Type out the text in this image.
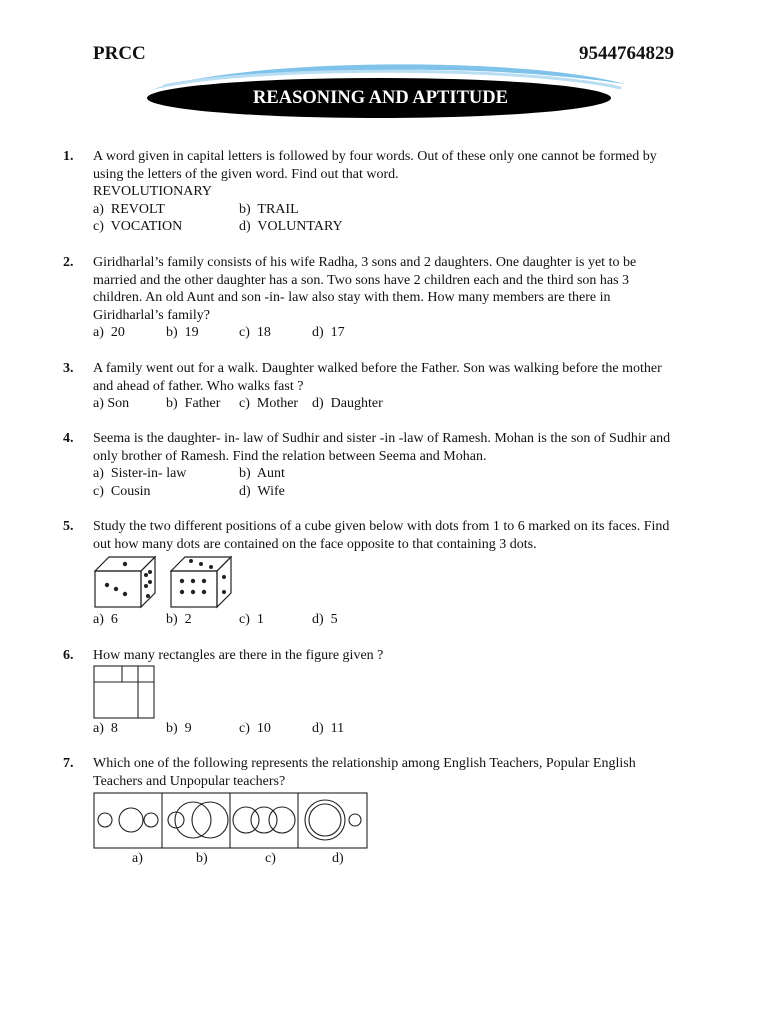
PRCC	9544764829
REASONING AND APTITUDE
1. A word given in capital letters is followed by four words. Out of these only one cannot be formed by

using the letters of the given word. Find out that word.

REVOLUTIONARY

a)  REVOLT	b)  TRAIL
c)  VOCATION	d)  VOLUNTARY
2. Giridharlal’s family consists of his wife Radha, 3 sons and 2 daughters. One daughter is yet to be

married and the other daughter has a son. Two sons have 2 children each and the third son has 3

children. An old Aunt and son -in- law also stay with them. How many members are there in

Giridharlal’s family?

a)  20	b)  19	c)  18	d)  17
3. A family went out for a walk. Daughter walked before the Father. Son was walking before the mother

and ahead of father. Who walks fast ?

a) Son	b)  Father c)  Mother d)  Daughter
4. Seema is the daughter- in- law of Sudhir and sister -in -law of Ramesh. Mohan is the son of Sudhir and

only brother of Ramesh. Find the relation between Seema and Mohan.

a)  Sister-in- law	b)  Aunt
c)  Cousin	d)  Wife
5. Study the two different positions of a cube given below with dots from 1 to 6 marked on its faces. Find

out how many dots are contained on the face opposite to that containing 3 dots.

a)  6	b)  2	c)  1	d)  5
6. How many rectangles are there in the figure given ?

a)  8	b)  9	c)  10	d)  11
7. Which one of the following represents the relationship among English Teachers, Popular English

Teachers and Unpopular teachers?

a)	b)	c)	d)
